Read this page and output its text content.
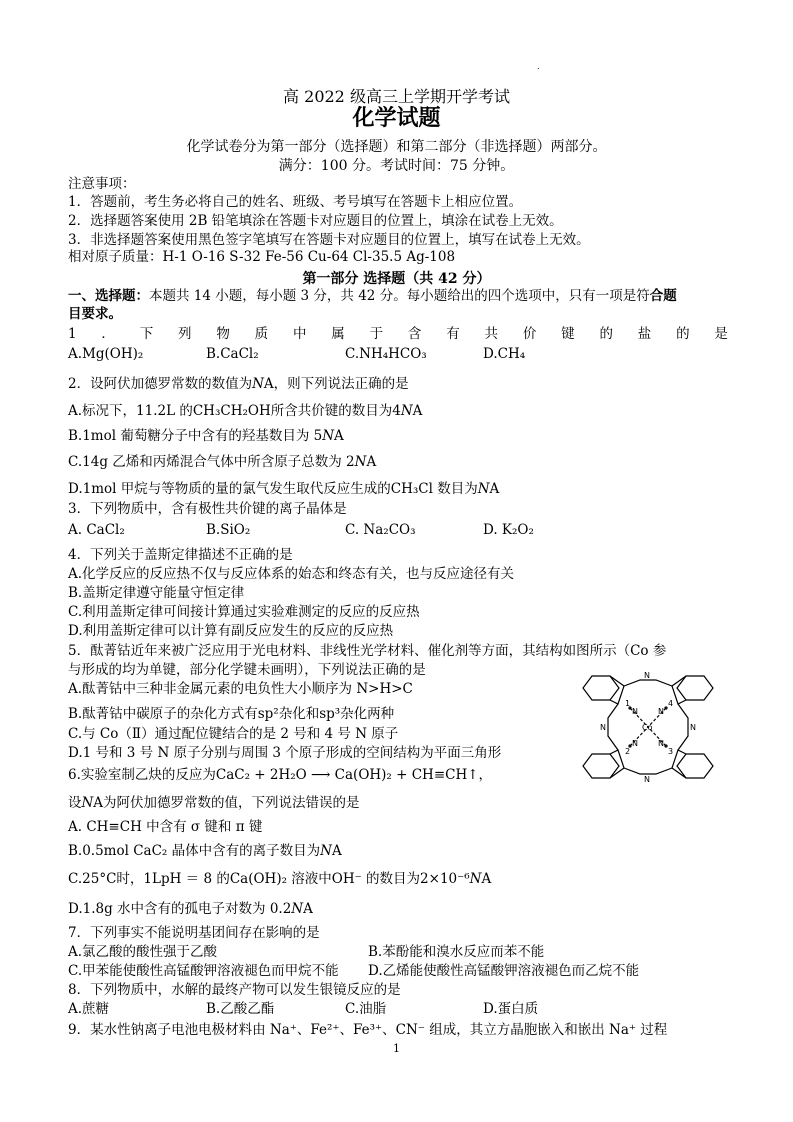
.
高 2022 级高三上学期开学考试
化学试题
化学试卷分为第一部分（选择题）和第二部分（非选择题）两部分。
满分：100 分。考试时间：75 分钟。
注意事项：
1．答题前，考生务必将自己的姓名、班级、考号填写在答题卡上相应位置。
2．选择题答案使用 2B 铅笔填涂在答题卡对应题目的位置上，填涂在试卷上无效。
3．非选择题答案使用黑色签字笔填写在答题卡对应题目的位置上，填写在试卷上无效。
相对原子质量：H-1 O-16 S-32 Fe-56 Cu-64 Cl-35.5 Ag-108
第一部分 选择题（共 42 分）
一、选择题：本题共 14 小题，每小题 3 分，共 42 分。每小题给出的四个选项中，只有一项是符合题
目要求。
1 ． 下 列 物 质 中 属 于 含 有 共 价 键 的 盐 的 是
A.Mg(OH)₂	B.CaCl₂	C.NH₄HCO₃	D.CH₄
2．设阿伏加德罗常数的数值为𝑁A，则下列说法正确的是
A.标况下，11.2L 的CH₃CH₂OH所含共价键的数目为4𝑁A
B.1mol 葡萄糖分子中含有的羟基数目为 5𝑁A
C.14g 乙烯和丙烯混合气体中所含原子总数为 2𝑁A
D.1mol 甲烷与等物质的量的氯气发生取代反应生成的CH₃Cl 数目为𝑁A
3．下列物质中，含有极性共价键的离子晶体是
A. CaCl₂	B.SiO₂	C. Na₂CO₃	D. K₂O₂
4．下列关于盖斯定律描述不正确的是
A.化学反应的反应热不仅与反应体系的始态和终态有关，也与反应途径有关
B.盖斯定律遵守能量守恒定律
C.利用盖斯定律可间接计算通过实验难测定的反应的反应热
D.利用盖斯定律可以计算有副反应发生的反应的反应热
5．酞菁钴近年来被广泛应用于光电材料、非线性光学材料、催化剂等方面，其结构如图所示（Co 参
与形成的均为单键，部分化学键未画明），下列说法正确的是
A.酞菁钴中三种非金属元素的电负性大小顺序为 N>H>C
B.酞菁钴中碳原子的杂化方式有sp²杂化和sp³杂化两种
C.与 Co（Ⅱ）通过配位键结合的是 2 号和 4 号 N 原子
D.1 号和 3 号 N 原子分别与周围 3 个原子形成的空间结构为平面三角形
Co
1
2	3
4
N
N
N	N
N	N
N	N
6.实验室制乙炔的反应为CaC₂ + 2H₂O ⟶ Ca(OH)₂ + CH≡CH↑，
设𝑁A为阿伏加德罗常数的值，下列说法错误的是
A. CH≡CH 中含有 σ 键和 π 键
B.0.5mol CaC₂ 晶体中含有的离子数目为𝑁A
C.25°C时，1LpH ＝ 8 的Ca(OH)₂ 溶液中OH⁻ 的数目为2×10⁻⁶𝑁A
D.1.8g 水中含有的孤电子对数为 0.2𝑁A
7．下列事实不能说明基团间存在影响的是
A.氯乙酸的酸性强于乙酸	B.苯酚能和溴水反应而苯不能
C.甲苯能使酸性高锰酸钾溶液褪色而甲烷不能 D.乙烯能使酸性高锰酸钾溶液褪色而乙烷不能
8．下列物质中，水解的最终产物可以发生银镜反应的是
A.蔗糖	B.乙酸乙酯	C.油脂	D.蛋白质
9．某水性钠离子电池电极材料由 Na⁺、Fe²⁺、Fe³⁺、CN⁻ 组成，其立方晶胞嵌入和嵌出 Na⁺ 过程
1
